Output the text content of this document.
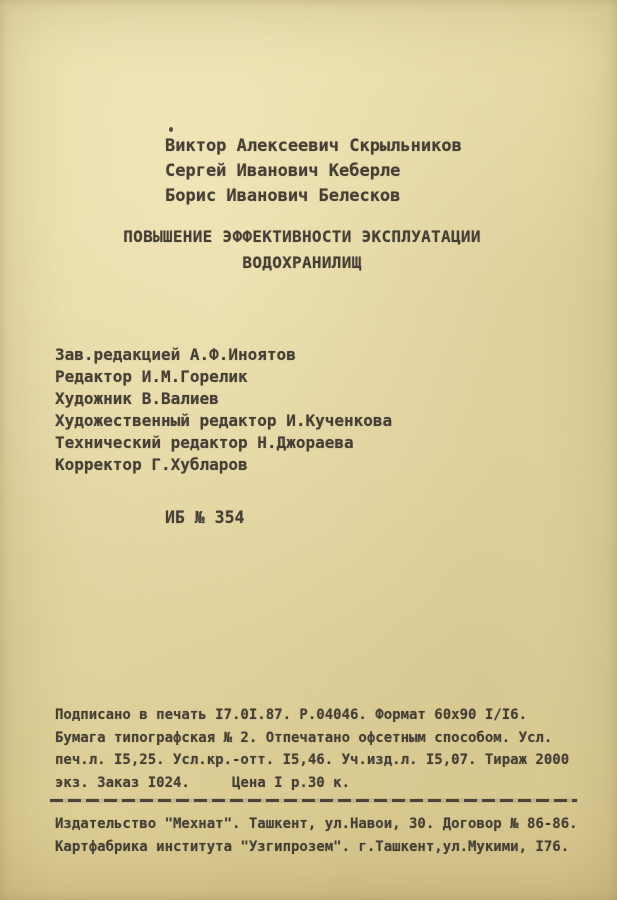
Виктор Алексеевич Скрыльников
Сергей Иванович Кеберле
Борис Иванович Белесков
ПОВЫШЕНИЕ ЭФФЕКТИВНОСТИ ЭКСПЛУАТАЦИИ
ВОДОХРАНИЛИЩ
Зав.редакцией А.Ф.Иноятов
Редактор И.М.Горелик
Художник В.Валиев
Художественный редактор И.Кученкова
Технический редактор Н.Джораева
Корректор Г.Хубларов
ИБ № 354
Подписано в печать I7.0I.87. Р.04046. Формат 60х90 I/I6.
Бумага типографская № 2. Отпечатано офсетным способом. Усл.
печ.л. I5,25. Усл.кр.-отт. I5,46. Уч.изд.л. I5,07. Тираж 2000
экз. Заказ I024.     Цена I р.30 к.
Издательство "Мехнат". Ташкент, ул.Навои, 30. Договор № 86-86.
Картфабрика института "Узгипрозем". г.Ташкент,ул.Мукими, I76.
